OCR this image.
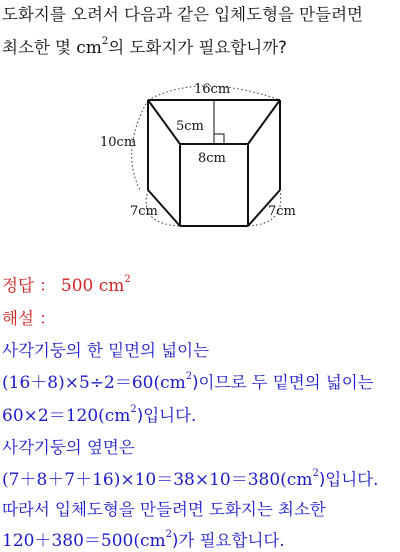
도화지를 오려서 다음과 같은 입체도형을 만들려면
최소한 몇 $cm^2$의 도화지가 필요합니까?
16cm
10cm
5cm
8cm
7cm	7cm
정답 ： 500 $cm^2$
해설 ：
사각기둥의 한 밑면의 넓이는
$(16+8)\times 5\div 2=60(cm^2)$이므로 두 밑면의 넓이는
$60\times 2=120(cm^2)$입니다.
사각기둥의 옆면은
$(7+8+7+16)\times 10=38\times 10=380(cm^2)$입니다.
따라서 입체도형을 만들려면 도화지는 최소한
$120+380=500(cm^2)$가 필요합니다.
